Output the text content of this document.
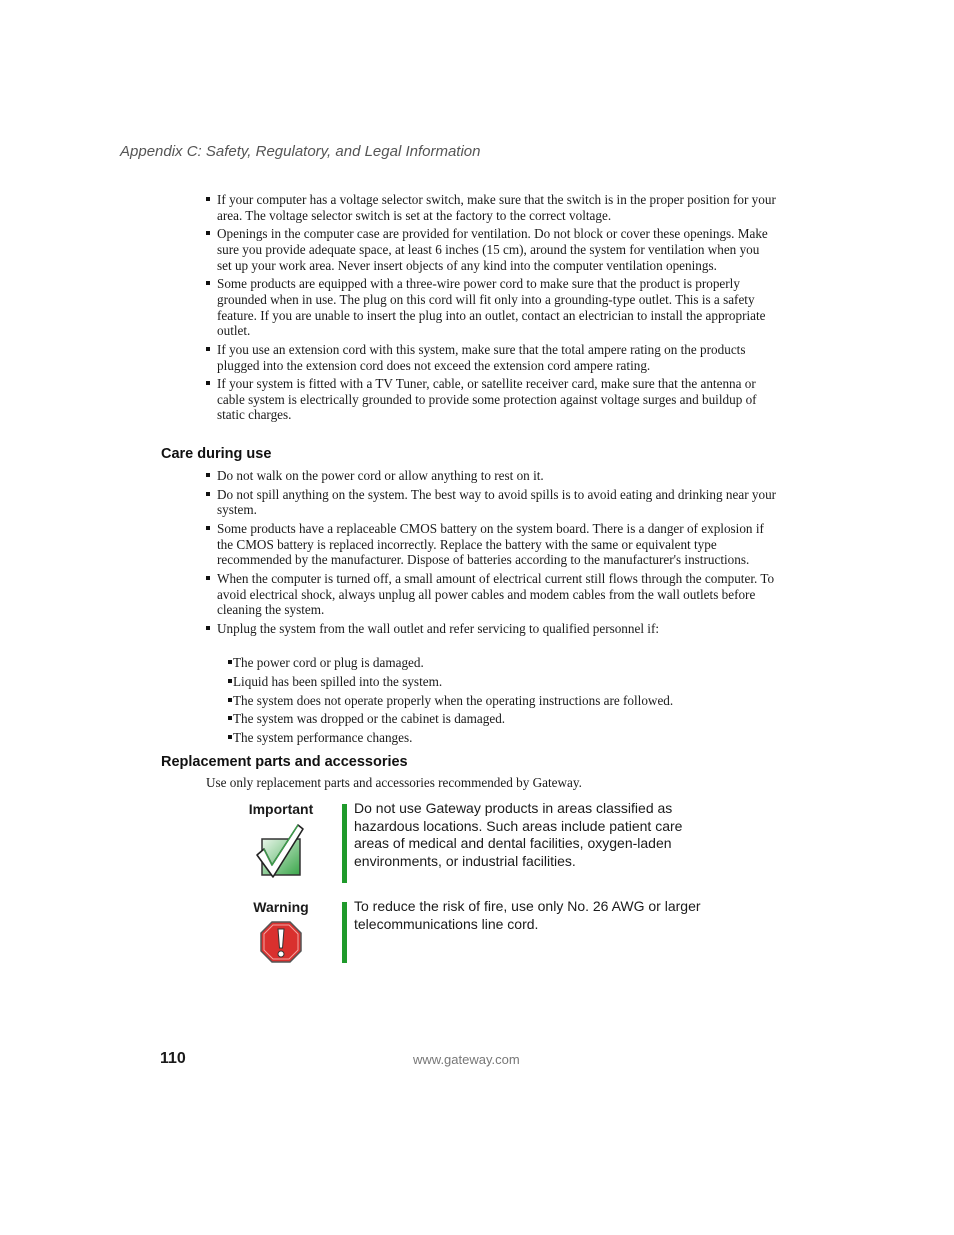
Appendix C: Safety, Regulatory, and Legal Information
If your computer has a voltage selector switch, make sure that the switch is in the proper position for your area. The voltage selector switch is set at the factory to the correct voltage.
Openings in the computer case are provided for ventilation. Do not block or cover these openings. Make sure you provide adequate space, at least 6 inches (15 cm), around the system for ventilation when you set up your work area. Never insert objects of any kind into the computer ventilation openings.
Some products are equipped with a three-wire power cord to make sure that the product is properly grounded when in use. The plug on this cord will fit only into a grounding-type outlet. This is a safety feature. If you are unable to insert the plug into an outlet, contact an electrician to install the appropriate outlet.
If you use an extension cord with this system, make sure that the total ampere rating on the products plugged into the extension cord does not exceed the extension cord ampere rating.
If your system is fitted with a TV Tuner, cable, or satellite receiver card, make sure that the antenna or cable system is electrically grounded to provide some protection against voltage surges and buildup of static charges.
Care during use
Do not walk on the power cord or allow anything to rest on it.
Do not spill anything on the system. The best way to avoid spills is to avoid eating and drinking near your system.
Some products have a replaceable CMOS battery on the system board. There is a danger of explosion if the CMOS battery is replaced incorrectly. Replace the battery with the same or equivalent type recommended by the manufacturer. Dispose of batteries according to the manufacturer's instructions.
When the computer is turned off, a small amount of electrical current still flows through the computer. To avoid electrical shock, always unplug all power cables and modem cables from the wall outlets before cleaning the system.
Unplug the system from the wall outlet and refer servicing to qualified personnel if:
The power cord or plug is damaged.
Liquid has been spilled into the system.
The system does not operate properly when the operating instructions are followed.
The system was dropped or the cabinet is damaged.
The system performance changes.
Replacement parts and accessories
Use only replacement parts and accessories recommended by Gateway.
Important	Do not use Gateway products in areas classified as hazardous locations. Such areas include patient care areas of medical and dental facilities, oxygen-laden environments, or industrial facilities.
Warning	To reduce the risk of fire, use only No. 26 AWG or larger telecommunications line cord.
110	www.gateway.com
